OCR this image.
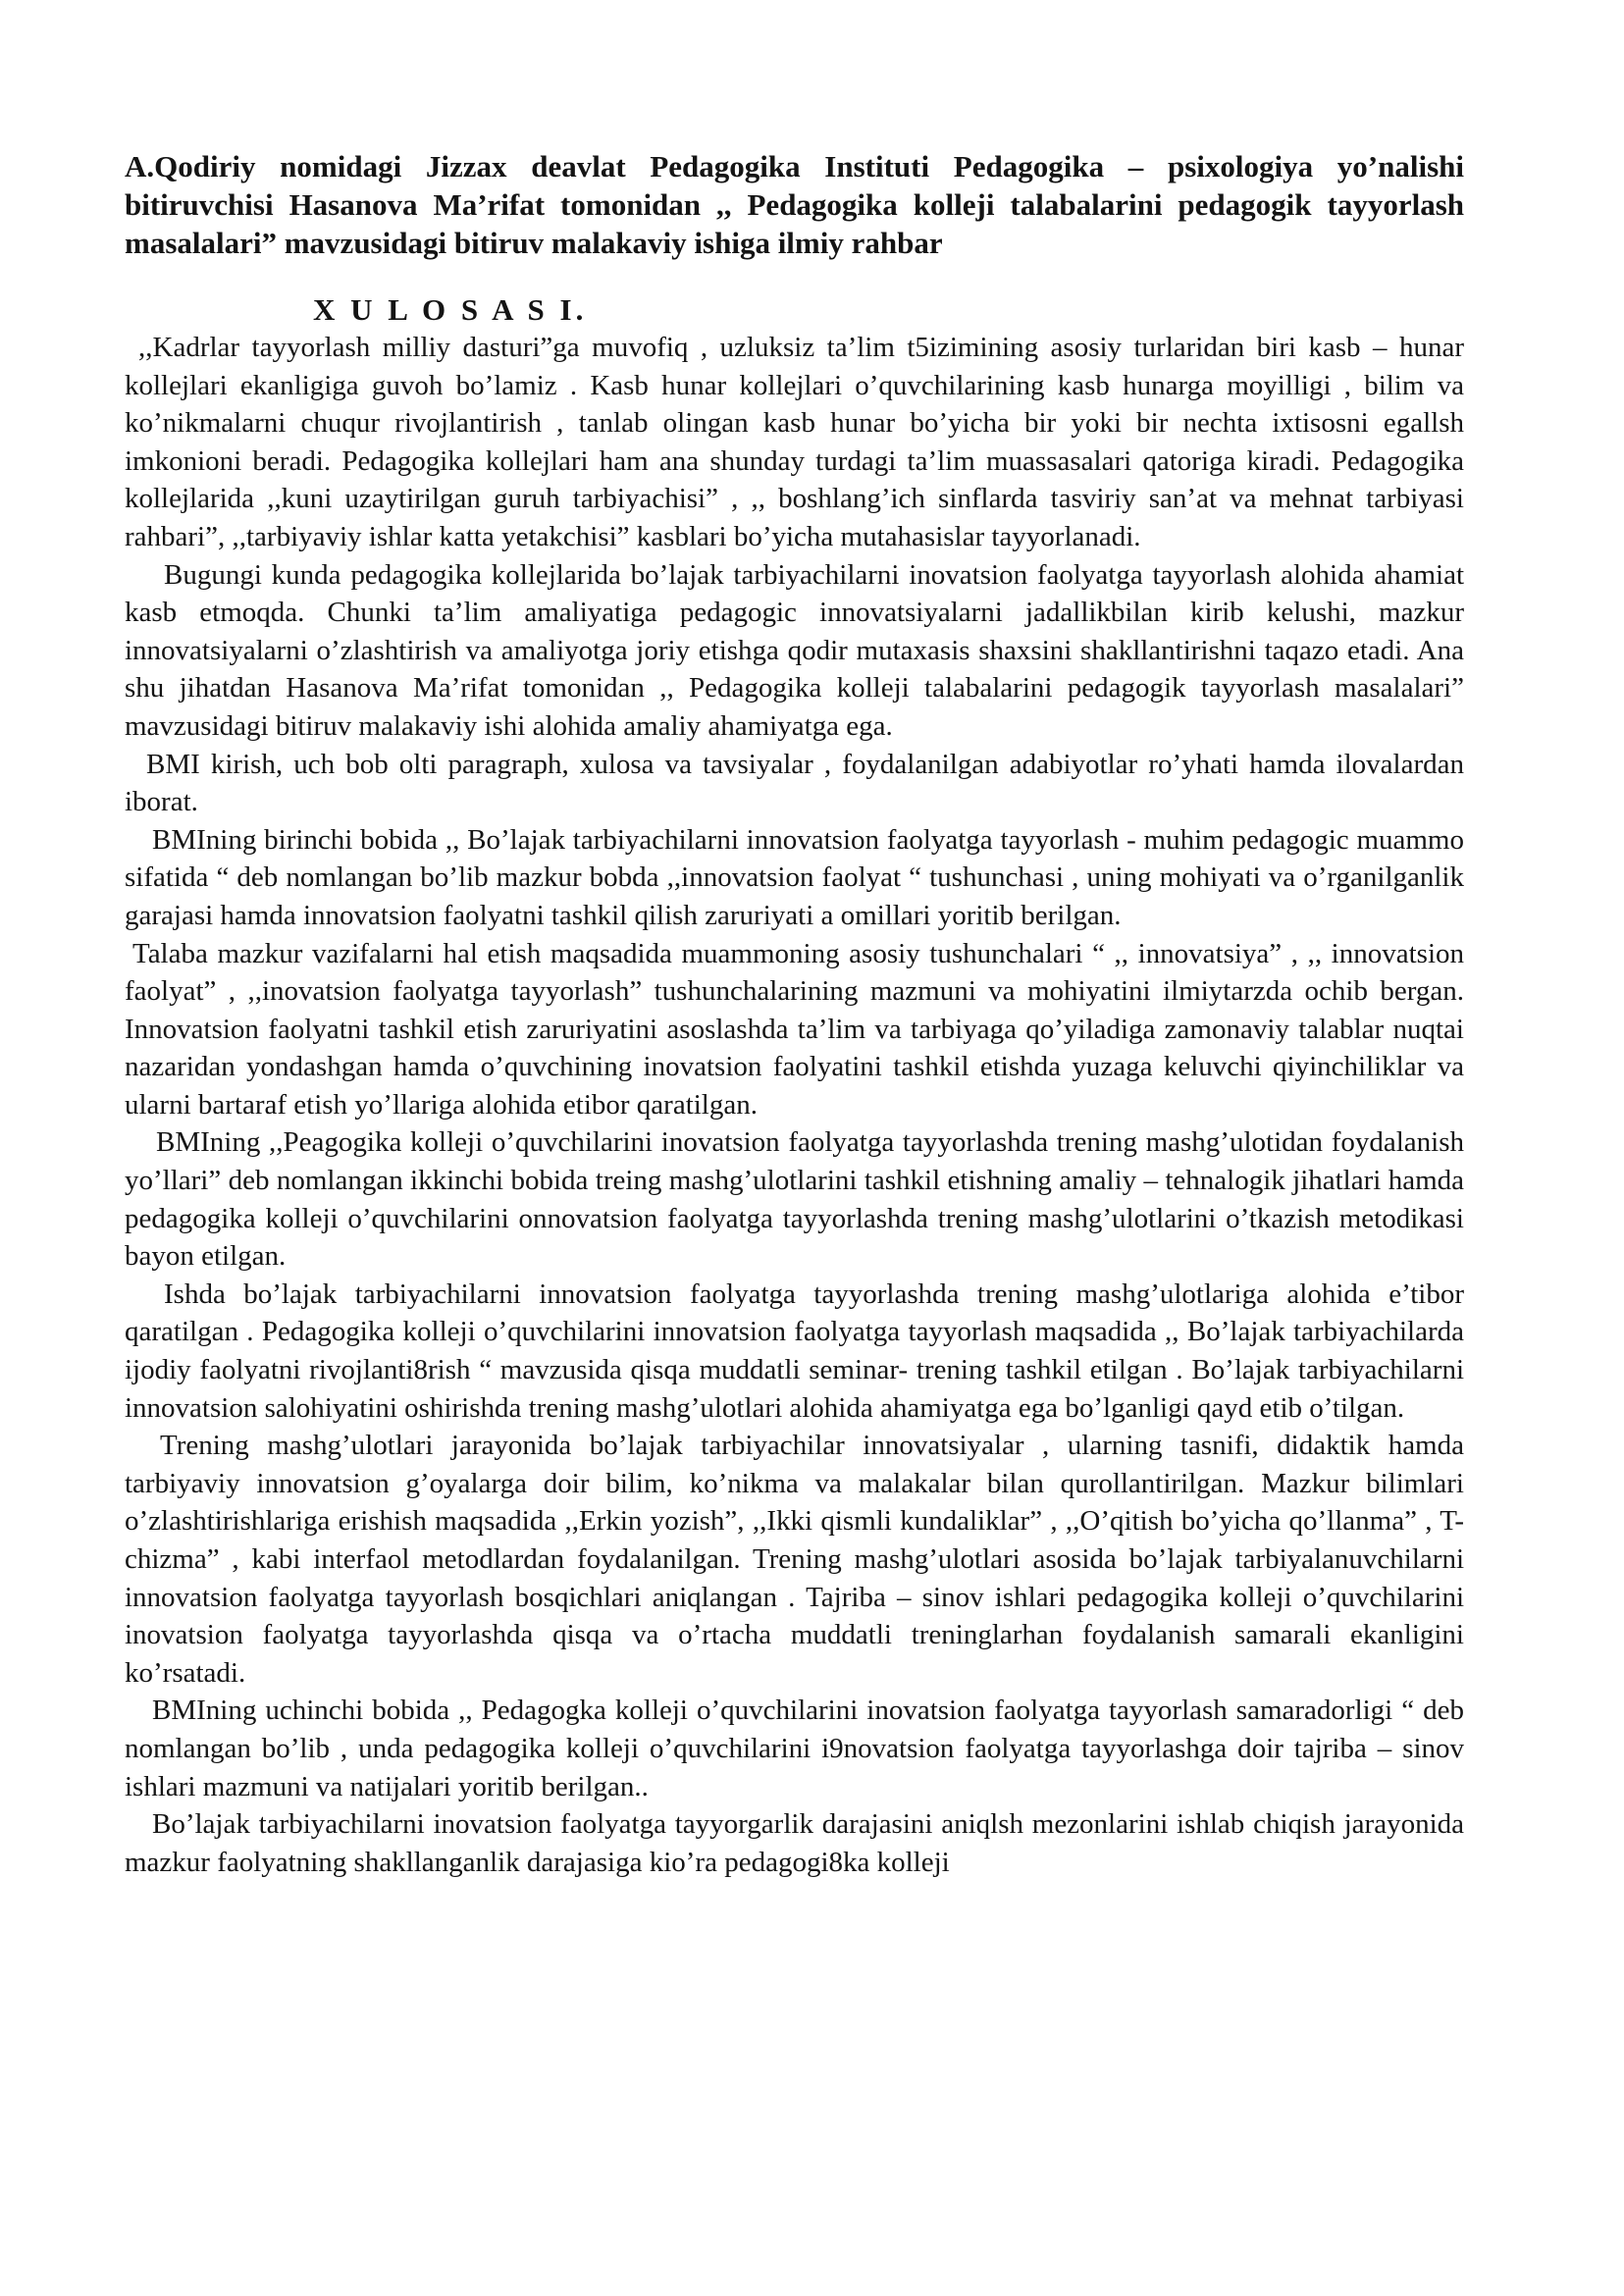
A.Qodiriy nomidagi Jizzax deavlat Pedagogika Instituti Pedagogika – psixologiya yo’nalishi bitiruvchisi Hasanova Ma’rifat tomonidan ,, Pedagogika kolleji talabalarini pedagogik tayyorlash masalalari” mavzusidagi bitiruv malakaviy ishiga ilmiy rahbar

X U L O S A S I.

,,Kadrlar tayyorlash milliy dasturi”ga muvofiq , uzluksiz ta’lim t5izimining asosiy turlaridan biri kasb – hunar kollejlari ekanligiga guvoh bo’lamiz . Kasb hunar kollejlari o’quvchilarining kasb hunarga moyilligi , bilim va ko’nikmalarni chuqur rivojlantirish , tanlab olingan kasb hunar bo’yicha bir yoki bir nechta ixtisosni egallsh imkonioni beradi. Pedagogika kollejlari ham ana shunday turdagi ta’lim muassasalari qatoriga kiradi. Pedagogika kollejlarida ,,kuni uzaytirilgan guruh tarbiyachisi” , ,, boshlang’ich sinflarda tasviriy san’at va mehnat tarbiyasi rahbari”, ,,tarbiyaviy ishlar katta yetakchisi” kasblari bo’yicha mutahasislar tayyorlanadi.

Bugungi kunda pedagogika kollejlarida bo’lajak tarbiyachilarni inovatsion faolyatga tayyorlash alohida ahamiat kasb etmoqda. Chunki ta’lim amaliyatiga pedagogic innovatsiyalarni jadallikbilan kirib kelushi, mazkur innovatsiyalarni o’zlashtirish va amaliyotga joriy etishga qodir mutaxasis shaxsini shakllantirishni taqazo etadi. Ana shu jihatdan Hasanova Ma’rifat tomonidan ,, Pedagogika kolleji talabalarini pedagogik tayyorlash masalalari” mavzusidagi bitiruv malakaviy ishi alohida amaliy ahamiyatga ega.

BMI kirish, uch bob olti paragraph, xulosa va tavsiyalar , foydalanilgan adabiyotlar ro’yhati hamda ilovalardan iborat.

BMIning birinchi bobida ,, Bo’lajak tarbiyachilarni innovatsion faolyatga tayyorlash - muhim pedagogic muammo sifatida “ deb nomlangan bo’lib mazkur bobda ,,innovatsion faolyat “ tushunchasi , uning mohiyati va o’rganilganlik garajasi hamda innovatsion faolyatni tashkil qilish zaruriyati a omillari yoritib berilgan.

Talaba mazkur vazifalarni hal etish maqsadida muammoning asosiy tushunchalari “ ,, innovatsiya” , ,, innovatsion faolyat” , ,,inovatsion faolyatga tayyorlash” tushunchalarining mazmuni va mohiyatini ilmiytarzda ochib bergan. Innovatsion faolyatni tashkil etish zaruriyatini asoslashda ta’lim va tarbiyaga qo’yiladiga zamonaviy talablar nuqtai nazaridan yondashgan hamda o’quvchining inovatsion faolyatini tashkil etishda yuzaga keluvchi qiyinchiliklar va ularni bartaraf etish yo’llariga alohida etibor qaratilgan.

BMIning ,,Peagogika kolleji o’quvchilarini inovatsion faolyatga tayyorlashda trening mashg’ulotidan foydalanish yo’llari” deb nomlangan ikkinchi bobida treing mashg’ulotlarini tashkil etishning amaliy – tehnalogik jihatlari hamda pedagogika kolleji o’quvchilarini onnovatsion faolyatga tayyorlashda trening mashg’ulotlarini o’tkazish metodikasi bayon etilgan.

Ishda bo’lajak tarbiyachilarni innovatsion faolyatga tayyorlashda trening mashg’ulotlariga alohida e’tibor qaratilgan . Pedagogika kolleji o’quvchilarini innovatsion faolyatga tayyorlash maqsadida ,, Bo’lajak tarbiyachilarda ijodiy faolyatni rivojlanti8rish “ mavzusida qisqa muddatli seminar- trening tashkil etilgan . Bo’lajak tarbiyachilarni innovatsion salohiyatini oshirishda trening mashg’ulotlari alohida ahamiyatga ega bo’lganligi qayd etib o’tilgan.

Trening mashg’ulotlari jarayonida bo’lajak tarbiyachilar innovatsiyalar , ularning tasnifi, didaktik hamda tarbiyaviy innovatsion g’oyalarga doir bilim, ko’nikma va malakalar bilan qurollantirilgan. Mazkur bilimlari o’zlashtirishlariga erishish maqsadida ,,Erkin yozish”, ,,Ikki qismli kundaliklar” , ,,O’qitish bo’yicha qo’llanma” , T-chizma” , kabi interfaol metodlardan foydalanilgan. Trening mashg’ulotlari asosida bo’lajak tarbiyalanuvchilarni innovatsion faolyatga tayyorlash bosqichlari aniqlangan . Tajriba – sinov ishlari pedagogika kolleji o’quvchilarini inovatsion faolyatga tayyorlashda qisqa va o’rtacha muddatli treninglarhan foydalanish samarali ekanligini ko’rsatadi.

BMIning uchinchi bobida ,, Pedagogka kolleji o’quvchilarini inovatsion faolyatga tayyorlash samaradorligi “ deb nomlangan bo’lib , unda pedagogika kolleji o’quvchilarini i9novatsion faolyatga tayyorlashga doir tajriba – sinov ishlari mazmuni va natijalari yoritib berilgan..

Bo’lajak tarbiyachilarni inovatsion faolyatga tayyorgarlik darajasini aniqlsh mezonlarini ishlab chiqish jarayonida mazkur faolyatning shakllanganlik darajasiga kio’ra pedagogi8ka kolleji
